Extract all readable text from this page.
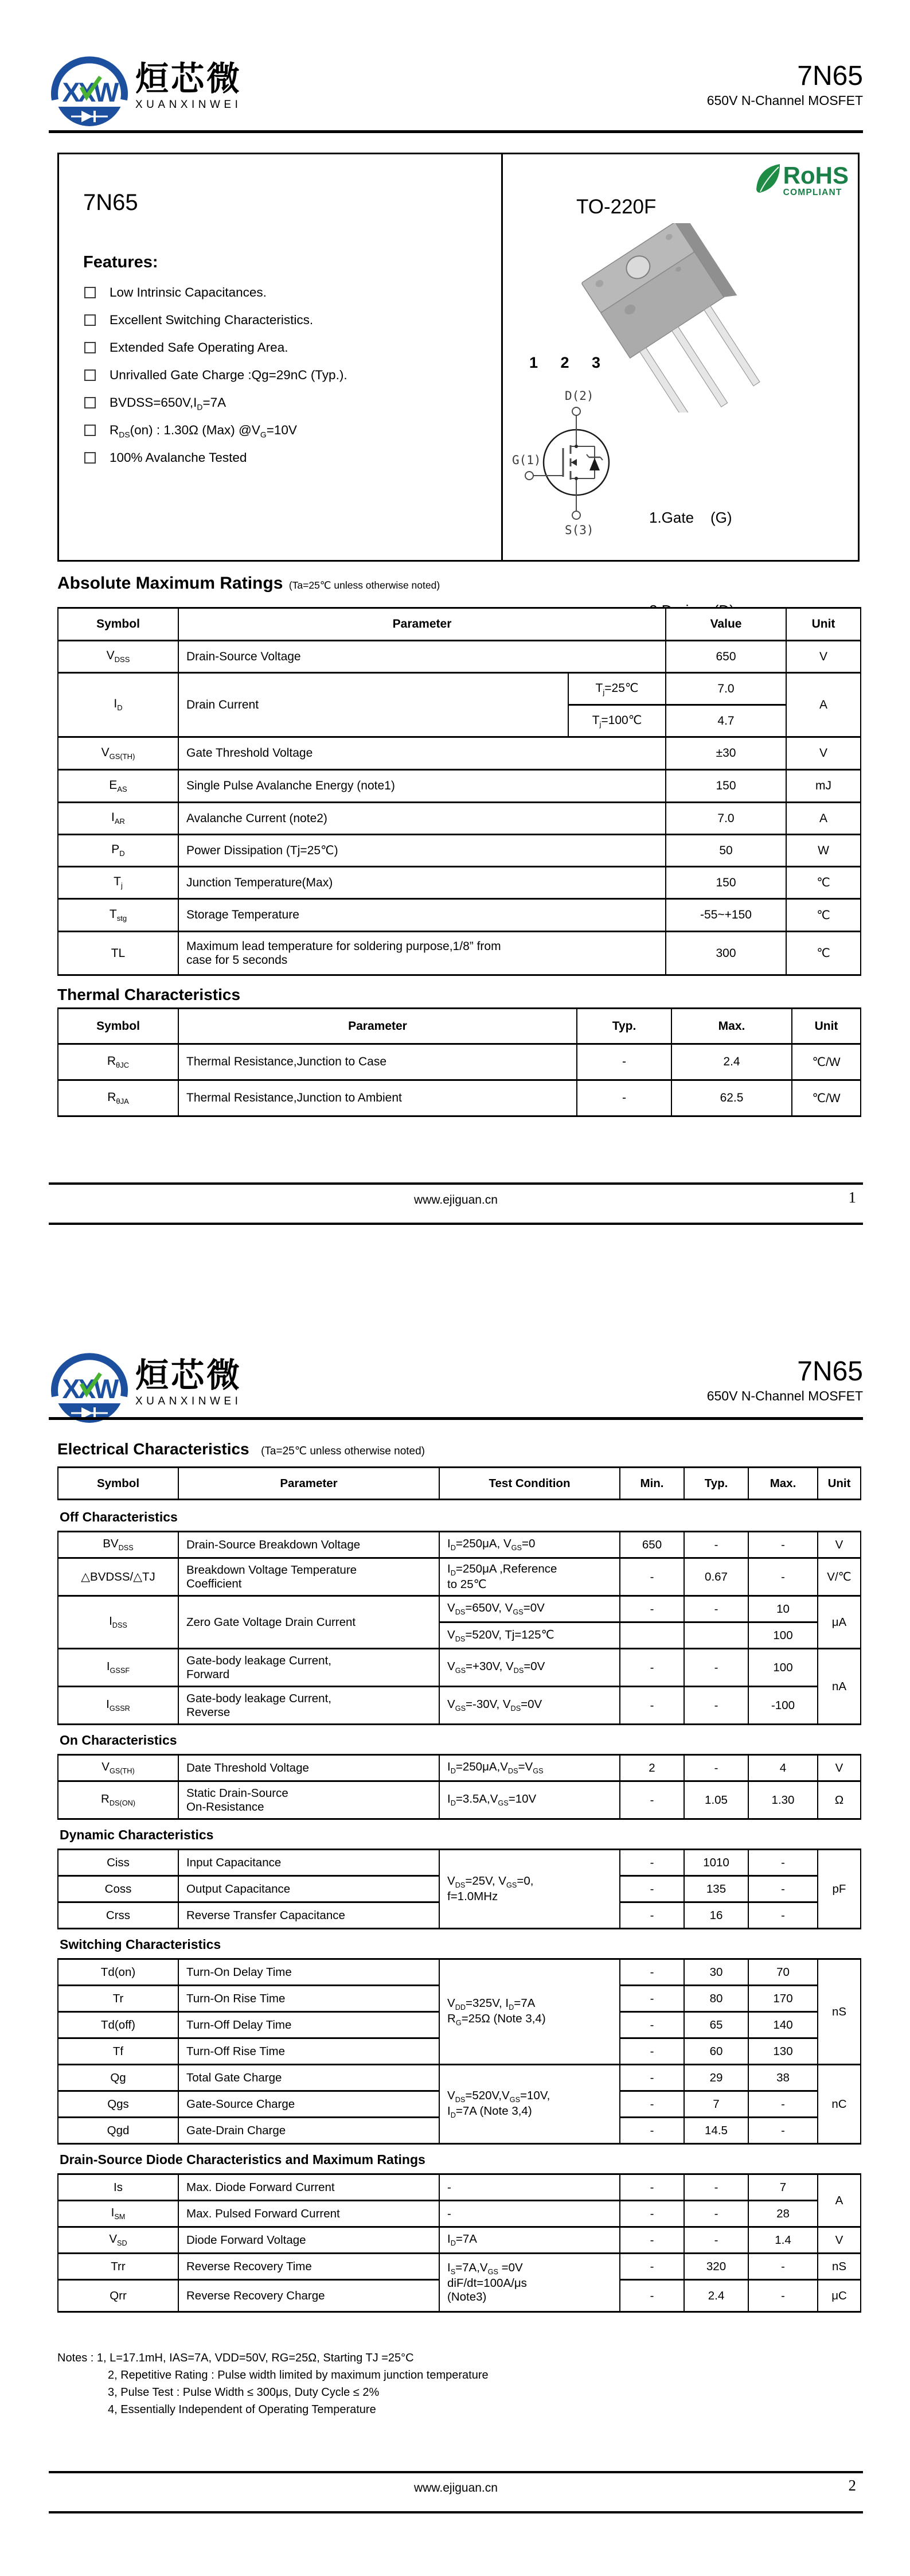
XXW 烜芯微
XUANXINWEI
7N65
650V N-Channel MOSFET
7N65
Features:
Low Intrinsic Capacitances.
Excellent Switching Characteristics.
Extended Safe Operating Area.
Unrivalled Gate Charge :Qg=29nC (Typ.).
$BVDSS=650V,I_D=7A$
$R_{DS}(on)$ : 1.30Ω (Max) $@V_G=10V$
100% Avalanche Tested
TO-220F
RoHS
COMPLIANT
1 2 3
D(2)
G(1)
S(3)

1.Gate    (G)

Absolute Maximum Ratings (Ta=25℃ unless otherwise noted)
Symbol	Parameter		Value	Unit
$V_{DSS}$	Drain-Source Voltage		650	V
$I_D$	Drain Current	$T_j=25℃$	7.0	A
		$T_j=100℃$	4.7	
$V_{GS(TH)}$	Gate Threshold Voltage		±30	V
$E_{AS}$	Single Pulse Avalanche Energy (note1)		150	mJ
$I_{AR}$	Avalanche Current (note2)		7.0	A
$P_D$	Power Dissipation (Tj=25℃)		50	W
$T_j$	Junction Temperature(Max)		150	℃
$T_{stg}$	Storage Temperature		-55~+150	℃
TL	Maximum lead temperature for soldering purpose,1/8” from
case for 5 seconds		300	℃
Thermal Characteristics
Symbol	Parameter	Typ.	Max.	Unit
$R_{\theta JC}$	Thermal Resistance,Junction to Case	-	2.4	℃/W
$R_{\theta JA}$	Thermal Resistance,Junction to Ambient	-	62.5	℃/W
www.ejiguan.cn	1
XXW 烜芯微
XUANXINWEI
7N65
650V N-Channel MOSFET
Electrical Characteristics (Ta=25℃ unless otherwise noted)
Symbol	Parameter	Test Condition	Min.	Typ.	Max.	Unit
Off Characteristics
$BV_{DSS}$	Drain-Source Breakdown Voltage	$I_D=250\mu A$, $V_{GS}=0$	650	-	-	V
△BVDSS/△TJ	Breakdown Voltage Temperature
Coefficient	$I_D=250\mu A$ ,Reference
to 25℃	-	0.67	-	V/℃
$I_{DSS}$	Zero Gate Voltage Drain Current	$V_{DS}=650V$, $V_{GS}=0V$	-	-	10	μA
		$V_{DS}=520V$, Tj=125℃			100	
$I_{GSSF}$	Gate-body leakage Current,
Forward	$V_{GS}=+30V$, $V_{DS}=0V$	-	-	100	nA
$I_{GSSR}$	Gate-body leakage Current,
Reverse	$V_{GS}=-30V$, $V_{DS}=0V$	-	-	-100	
On Characteristics
$V_{GS(TH)}$	Date Threshold Voltage	$I_D=250\mu A,V_{DS}=V_{GS}$	2	-	4	V
$R_{DS(ON)}$	Static Drain-Source
On-Resistance	$I_D=3.5A,V_{GS}=10V$	-	1.05	1.30	Ω
Dynamic Characteristics
Ciss	Input Capacitance	$V_{DS}=25V$, $V_{GS}=0$,
f=1.0MHz	-	1010	-	pF
Coss	Output Capacitance		-	135	-	
Crss	Reverse Transfer Capacitance		-	16	-	
Switching Characteristics
Td(on)	Turn-On Delay Time	$V_{DD}=325V$, $I_D=7A$
$R_G=25\Omega$ (Note 3,4)	-	30	70	nS
Tr	Turn-On Rise Time		-	80	170	
Td(off)	Turn-Off Delay Time		-	65	140	
Tf	Turn-Off Rise Time		-	60	130	
Qg	Total Gate Charge	$V_{DS}=520V,V_{GS}=10V$,
$I_D=7A$ (Note 3,4)	-	29	38	nC
Qgs	Gate-Source Charge		-	7	-	
Qgd	Gate-Drain Charge		-	14.5	-	
Drain-Source Diode Characteristics and Maximum Ratings
Is	Max. Diode Forward Current	-	-	-	7	A
$I_{SM}$	Max. Pulsed Forward Current	-	-	-	28	
$V_{SD}$	Diode Forward Voltage	$I_D=7A$	-	-	1.4	V
Trr	Reverse Recovery Time	$I_S=7A,V_{GS} =0V$
diF/dt=100A/μs
(Note3)	-	320	-	nS
Qrr	Reverse Recovery Charge		-	2.4	-	μC
Notes : 1, L=17.1mH, IAS=7A, VDD=50V, RG=25Ω, Starting TJ =25°C
2, Repetitive Rating : Pulse width limited by maximum junction temperature
3, Pulse Test : Pulse Width ≤ 300μs, Duty Cycle ≤ 2%
4, Essentially Independent of Operating Temperature
www.ejiguan.cn	2
